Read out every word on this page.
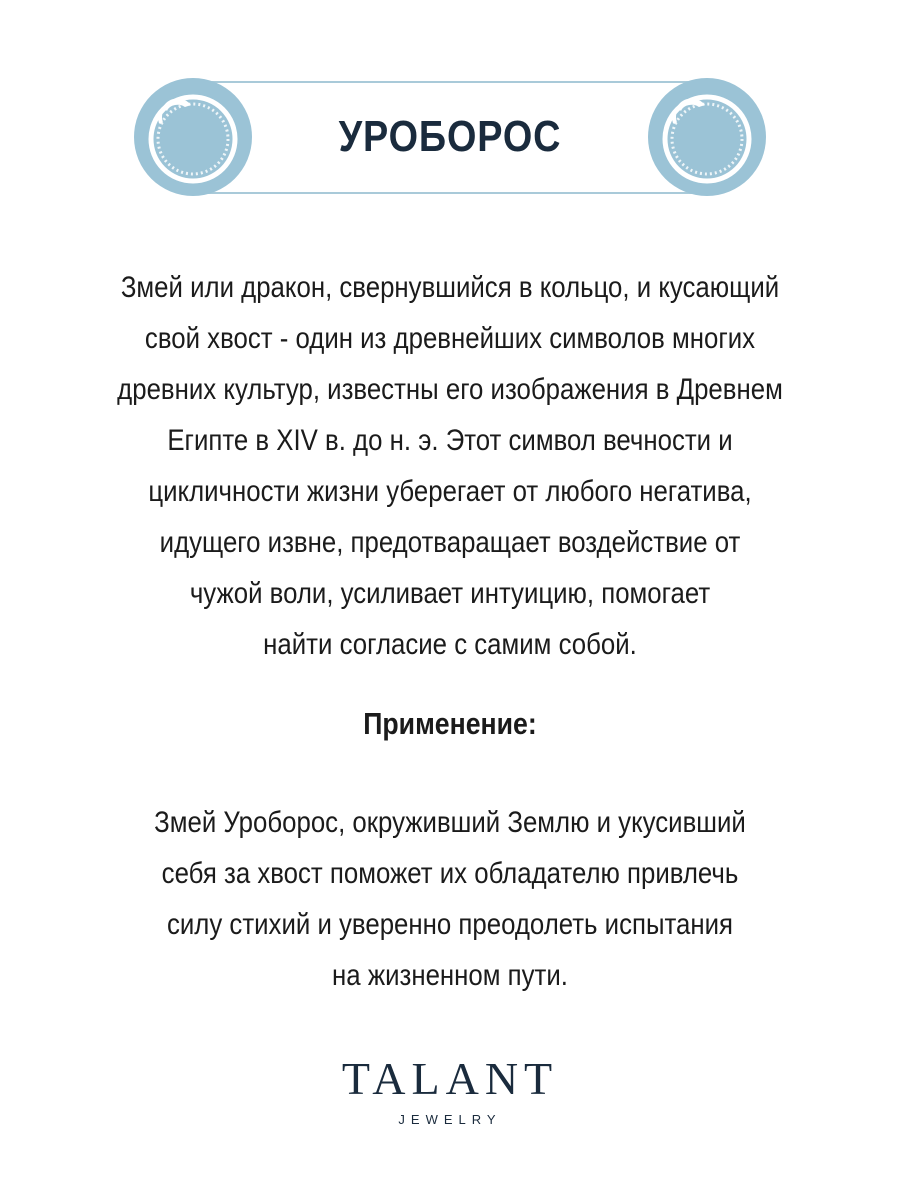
УРОБОРОС
Змей или дракон, свернувшийся в кольцо, и кусающий
свой хвост - один из древнейших символов многих
древних культур, известны его изображения в Древнем
Египте в XIV в. до н. э. Этот символ вечности и
цикличности жизни уберегает от любого негатива,
идущего извне, предотваращает воздействие от
чужой воли, усиливает интуицию, помогает
найти согласие с самим собой.
Применение:
Змей Уроборос, окруживший Землю и укусивший
себя за хвост поможет их обладателю привлечь
силу стихий и уверенно преодолеть испытания
на жизненном пути.
TALANT
JEWELRY
